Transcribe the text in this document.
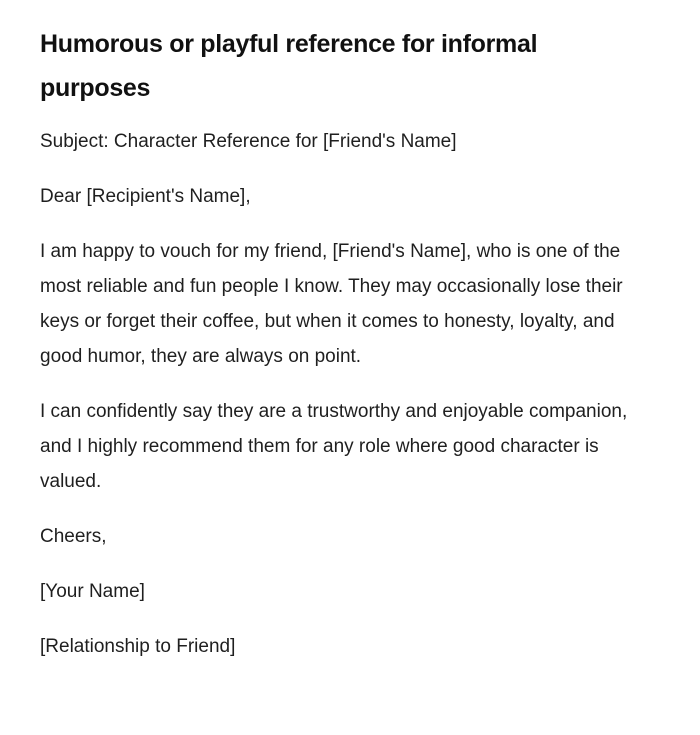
Humorous or playful reference for informal purposes

Subject: Character Reference for [Friend's Name]

Dear [Recipient's Name],

I am happy to vouch for my friend, [Friend's Name], who is one of the most reliable and fun people I know. They may occasionally lose their keys or forget their coffee, but when it comes to honesty, loyalty, and good humor, they are always on point.

I can confidently say they are a trustworthy and enjoyable companion, and I highly recommend them for any role where good character is valued.

Cheers,

[Your Name]

[Relationship to Friend]
